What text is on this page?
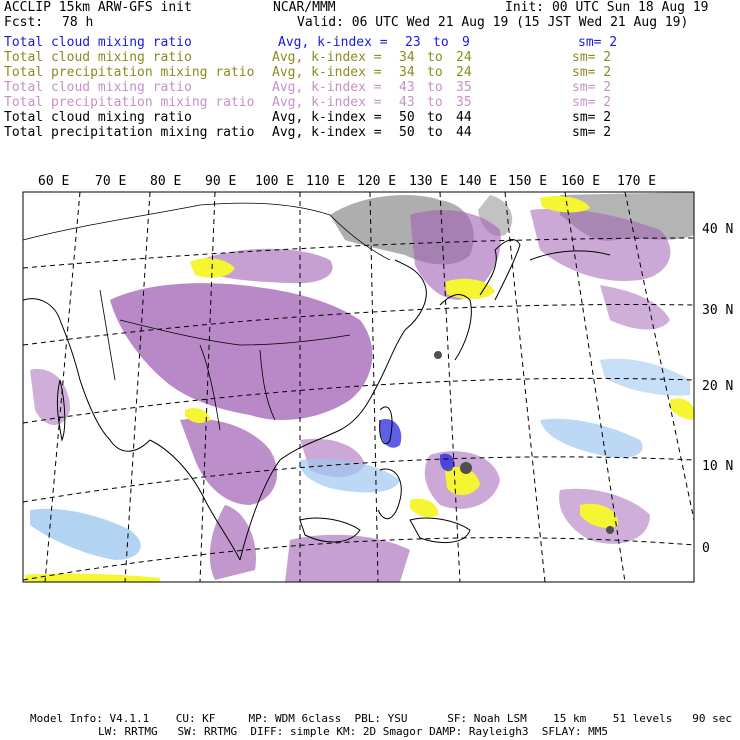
ACCLIP 15km ARW-GFS init	NCAR/MMM	Init: 00 UTC Sun 18 Aug 19
Fcst: 78 h	Valid: 06 UTC Wed 21 Aug 19 (15 JST Wed 21 Aug 19)
Total cloud mixing ratio	Avg, k-index = 23 to 9	sm= 2
Total cloud mixing ratio	Avg, k-index = 34 to 24	sm= 2
Total precipitation mixing ratio Avg, k-index = 34 to 24	sm= 2
Total cloud mixing ratio	Avg, k-index = 43 to 35	sm= 2
Total precipitation mixing ratio Avg, k-index = 43 to 35	sm= 2
Total cloud mixing ratio	Avg, k-index = 50 to 44	sm= 2
Total precipitation mixing ratio Avg, k-index = 50 to 44	sm= 2
60 E 70 E 80 E 90 E 100 E 110 E 120 E 130 E 140 E 150 E 160 E 170 E
40 N
30 N
20 N
10 N
0
Model Info: V4.1.1    CU: KF     MP: WDM 6class  PBL: YSU      SF: Noah LSM    15 km    51 levels   90 sec
LW: RRTMG   SW: RRTMG  DIFF: simple KM: 2D Smagor DAMP: Rayleigh3  SFLAY: MM5
